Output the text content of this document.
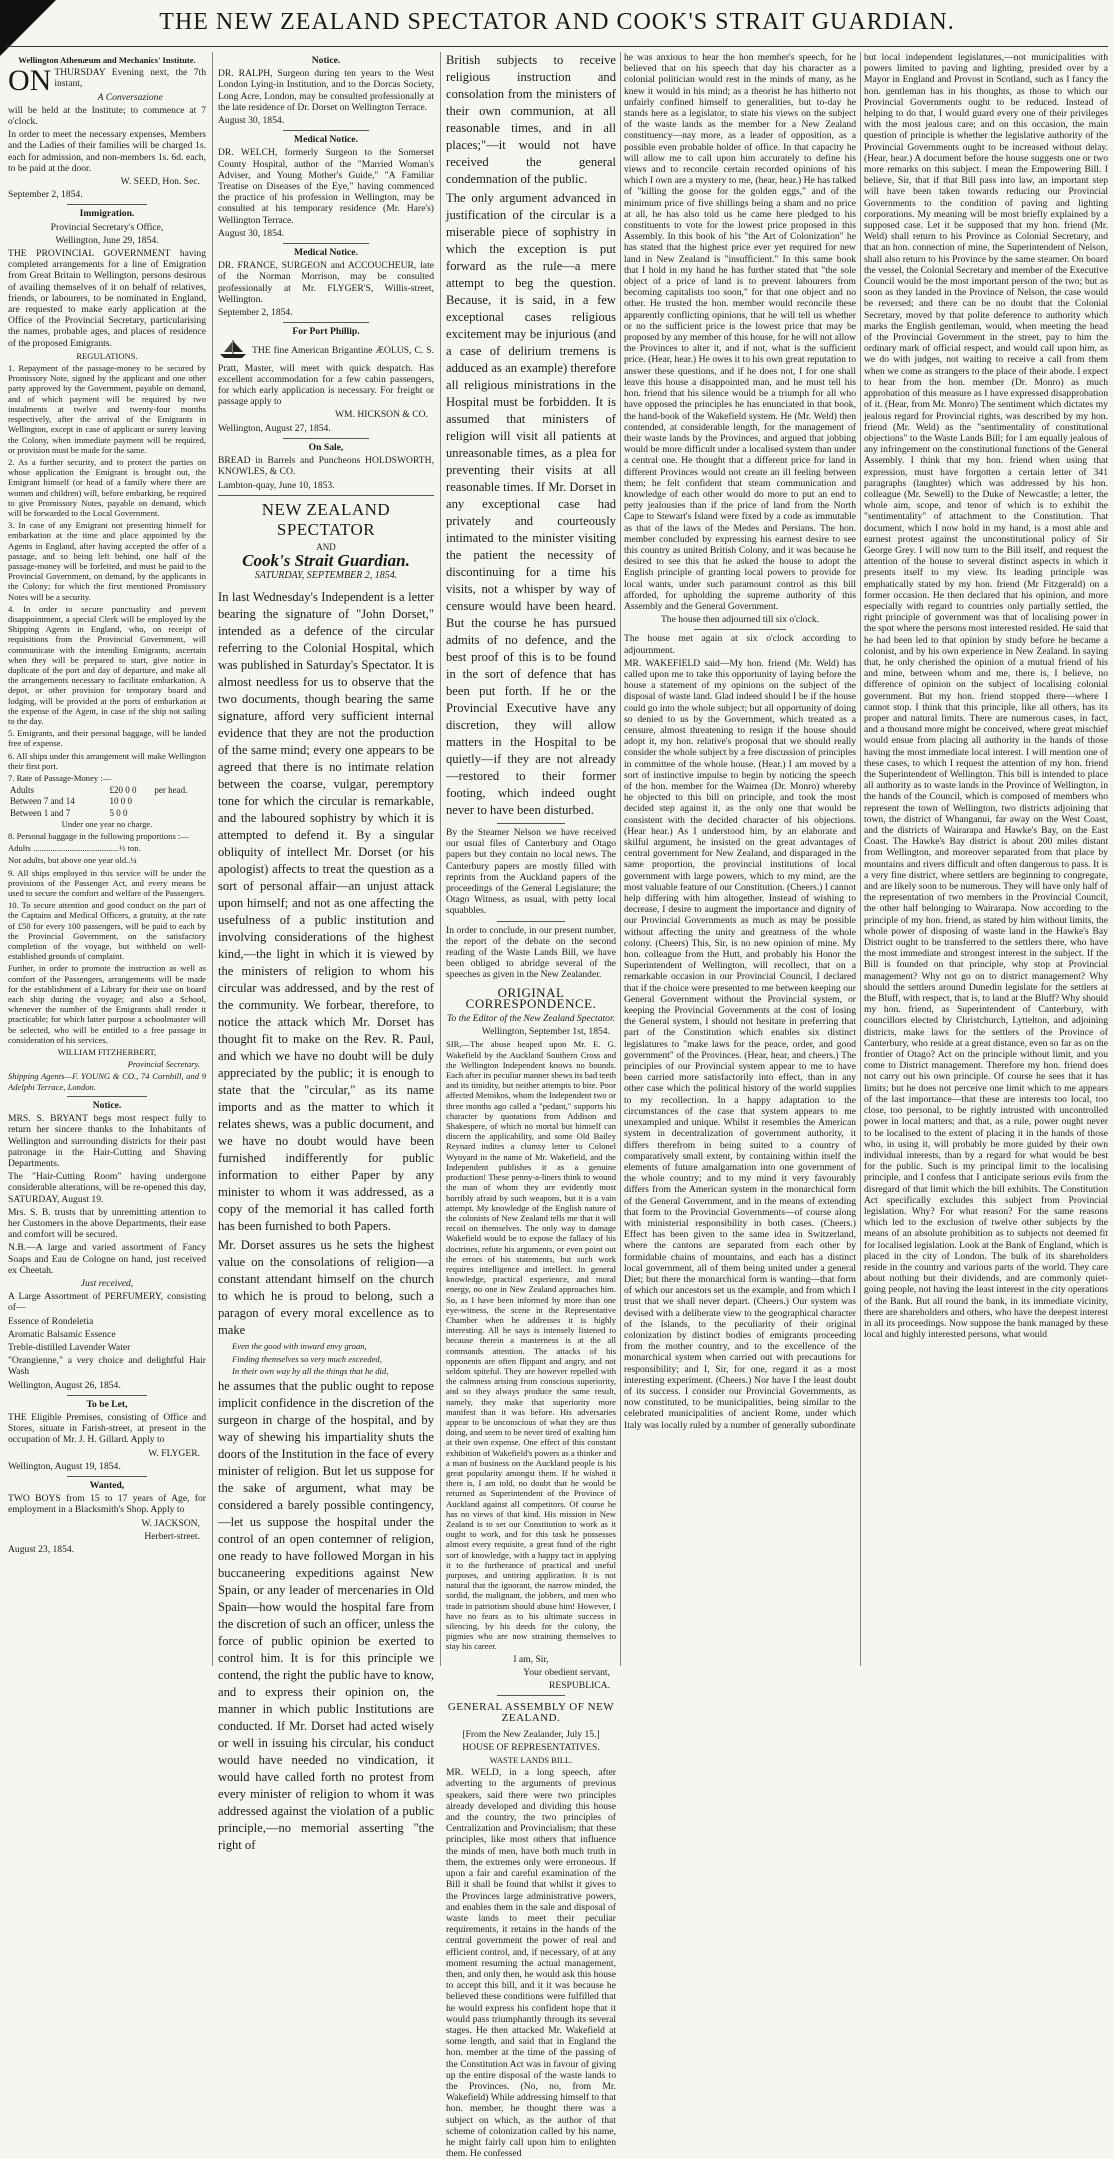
THE NEW ZEALAND SPECTATOR AND COOK'S STRAIT GUARDIAN.
Wellington Athenæum and Mechanics' Institute.

ON THURSDAY Evening next, the 7th instant,

A Conversazione

will be held at the Institute; to commence at 7 o'clock.

In order to meet the necessary expenses, Members and the Ladies of their families will be charged 1s. each for admission, and non-members 1s. 6d. each, to be paid at the door.

W. SEED, Hon. Sec.

September 2, 1854.

Immigration.

Provincial Secretary's Office,

Wellington, June 29, 1854.

THE PROVINCIAL GOVERNMENT having completed arrangements for a line of Emigration from Great Britain to Wellington, persons desirous of availing themselves of it on behalf of relatives, friends, or labourers, to be nominated in England, are requested to make early application at the Office of the Provincial Secretary, particularising the names, probable ages, and places of residence of the proposed Emigrants.

REGULATIONS.

1. Repayment of the passage-money to be secured by Promissory Note, signed by the applicant and one other party approved by the Government, payable on demand, and of which payment will be required by two instalments at twelve and twenty-four months respectively, after the arrival of the Emigrants in Wellington, except in case of applicant or surety leaving the Colony, when immediate payment will be required, or provision must be made for the same.

2. As a further security, and to protect the parties on whose application the Emigrant is brought out, the Emigrant himself (or head of a family where there are women and children) will, before embarking, be required to give Promissory Notes, payable on demand, which will be forwarded to the Local Government.

3. In case of any Emigrant not presenting himself for embarkation at the time and place appointed by the Agents in England, after having accepted the offer of a passage, and so being left behind, one half of the passage-money will be forfeited, and must be paid to the Provincial Government, on demand, by the applicants in the Colony; for which the first mentioned Promissory Notes will be a security.

4. In order to secure punctuality and prevent disappointment, a special Clerk will be employed by the Shipping Agents in England, who, on receipt of requisitions from the Provincial Government, will communicate with the intending Emigrants, ascertain when they will be prepared to start, give notice in duplicate of the port and day of departure, and make all the arrangements necessary to facilitate embarkation. A depot, or other provision for temporary board and lodging, will be provided at the ports of embarkation at the expense of the Agent, in case of the ship not sailing to the day.

5. Emigrants, and their personal baggage, will be landed free of expense.

6. All ships under this arrangement will make Wellington their first port.

7. Rate of Passage-Money :—

Adults	£20 0 0	per head.
Between 7 and 14	10 0 0	
Between 1 and 7	5 0 0	

Under one year no charge.

8. Personal baggage in the following proportions :—

Adults ........................................½ ton.

Not adults, but above one year old..¼

9. All ships employed in this service will be under the provisions of the Passenger Act, and every means be used to secure the comfort and welfare of the Passengers.

10. To secure attention and good conduct on the part of the Captains and Medical Officers, a gratuity, at the rate of £50 for every 100 passengers, will be paid to each by the Provincial Government, on the satisfactory completion of the voyage, but withheld on well-established grounds of complaint.

Further, in order to promote the instruction as well as comfort of the Passengers, arrangements will be made for the establishment of a Library for their use on board each ship during the voyage; and also a School, whenever the number of the Emigrants shall render it practicable; for which latter purpose a schoolmaster will be selected, who will be entitled to a free passage in consideration of his services.

WILLIAM FITZHERBERT,

Provincial Secretary.

Shipping Agents—F. YOUNG & CO., 74 Cornhill, and 9 Adelphi Terrace, London.

Notice.

MRS. S. BRYANT begs most respect fully to return her sincere thanks to the Inhabitants of Wellington and surrounding districts for their past patronage in the Hair-Cutting and Shaving Departments.

The "Hair-Cutting Room" having undergone considerable alterations, will be re-opened this day, SATURDAY, August 19.

Mrs. S. B. trusts that by unremitting attention to her Customers in the above Departments, their ease and comfort will be secured.

N.B.—A large and varied assortment of Fancy Soaps and Eau de Cologne on hand, just received ex Cheetah.

Just received,

A Large Assortment of PERFUMERY, consisting of—

Essence of Rondeletia

Aromatic Balsamic Essence

Treble-distilled Lavender Water

"Orangienne," a very choice and delightful Hair Wash

Wellington, August 26, 1854.

To be Let,

THE Eligible Premises, consisting of Office and Stores, situate in Farish-street, at present in the occupation of Mr. J. H. Gillard. Apply to

W. FLYGER.

Wellington, August 19, 1854.

Wanted,

TWO BOYS from 15 to 17 years of Age, for employment in a Blacksmith's Shop. Apply to

W. JACKSON,

Herbert-street.

August 23, 1854.

Notice.

DR. RALPH, Surgeon during ten years to the West London Lying-in Institution, and to the Dorcas Society, Long Acre, London, may be consulted professionally at the late residence of Dr. Dorset on Wellington Terrace.

August 30, 1854.

Medical Notice.

DR. WELCH, formerly Surgeon to the Somerset County Hospital, author of the "Married Woman's Adviser, and Young Mother's Guide," "A Familiar Treatise on Diseases of the Eye," having commenced the practice of his profession in Wellington, may be consulted at his temporary residence (Mr. Hare's) Wellington Terrace.

August 30, 1854.

Medical Notice.

DR. FRANCE, SURGEON and ACCOUCHEUR, late of the Norman Morrison, may be consulted professionally at Mr. FLYGER'S, Willis-street, Wellington.

September 2, 1854.

For Port Phillip.

THE fine American Brigantine ÆOLUS, C. S. Pratt, Master, will meet with quick despatch. Has excellent accommodation for a few cabin passengers, for which early application is necessary. For freight or passage apply to

WM. HICKSON & CO.

Wellington, August 27, 1854.

On Sale,

BREAD in Barrels and Puncheons HOLDSWORTH, KNOWLES, & CO.

Lambton-quay, June 10, 1853.

NEW ZEALAND SPECTATOR
AND
Cook's Strait Guardian.
SATURDAY, SEPTEMBER 2, 1854.

In last Wednesday's Independent is a letter bearing the signature of "John Dorset," intended as a defence of the circular referring to the Colonial Hospital, which was published in Saturday's Spectator. It is almost needless for us to observe that the two documents, though bearing the same signature, afford very sufficient internal evidence that they are not the production of the same mind; every one appears to be agreed that there is no intimate relation between the coarse, vulgar, peremptory tone for which the circular is remarkable, and the laboured sophistry by which it is attempted to defend it. By a singular obliquity of intellect Mr. Dorset (or his apologist) affects to treat the question as a sort of personal affair—an unjust attack upon himself; and not as one affecting the usefulness of a public institution and involving considerations of the highest kind,—the light in which it is viewed by the ministers of religion to whom his circular was addressed, and by the rest of the community. We forbear, therefore, to notice the attack which Mr. Dorset has thought fit to make on the Rev. R. Paul, and which we have no doubt will be duly appreciated by the public; it is enough to state that the "circular," as its name imports and as the matter to which it relates shews, was a public document, and we have no doubt would have been furnished indifferently for public information to either Paper by any minister to whom it was addressed, as a copy of the memorial it has called forth has been furnished to both Papers.

Mr. Dorset assures us he sets the highest value on the consolations of religion—a constant attendant himself on the church to which he is proud to belong, such a paragon of every moral excellence as to make

Even the good with inward envy groan,

Finding themselves so very much exceeded,

In their own way by all the things that he did,

he assumes that the public ought to repose implicit confidence in the discretion of the surgeon in charge of the hospital, and by way of shewing his impartiality shuts the doors of the Institution in the face of every minister of religion. But let us suppose for the sake of argument, what may be considered a barely possible contingency,—let us suppose the hospital under the control of an open contemner of religion, one ready to have followed Morgan in his buccaneering expeditions against New Spain, or any leader of mercenaries in Old Spain—how would the hospital fare from the discretion of such an officer, unless the force of public opinion be exerted to control him. It is for this principle we contend, the right the public have to know, and to express their opinion on, the manner in which public Institutions are conducted. If Mr. Dorset had acted wisely or well in issuing his circular, his conduct would have needed no vindication, it would have called forth no protest from every minister of religion to whom it was addressed against the violation of a public principle,—no memorial asserting "the right of

British subjects to receive religious instruction and consolation from the ministers of their own communion, at all reasonable times, and in all places;"—it would not have received the general condemnation of the public.

The only argument advanced in justification of the circular is a miserable piece of sophistry in which the exception is put forward as the rule—a mere attempt to beg the question. Because, it is said, in a few exceptional cases religious excitement may be injurious (and a case of delirium tremens is adduced as an example) therefore all religious ministrations in the Hospital must be forbidden. It is assumed that ministers of religion will visit all patients at unreasonable times, as a plea for preventing their visits at all reasonable times. If Mr. Dorset in any exceptional case had privately and courteously intimated to the minister visiting the patient the necessity of discontinuing for a time his visits, not a whisper by way of censure would have been heard. But the course he has pursued admits of no defence, and the best proof of this is to be found in the sort of defence that has been put forth. If he or the Provincial Executive have any discretion, they will allow matters in the Hospital to be quietly—if they are not already—restored to their former footing, which indeed ought never to have been disturbed.

By the Steamer Nelson we have received our usual files of Canterbury and Otago papers but they contain no local news. The Canterbury papers are mostly filled with reprints from the Auckland papers of the proceedings of the General Legislature; the Otago Witness, as usual, with petty local squabbles.

In order to conclude, in our present number, the report of the debate on the second reading of the Waste Lands Bill, we have been obliged to abridge several of the speeches as given in the New Zealander.

ORIGINAL CORRESPONDENCE.

To the Editor of the New Zealand Spectator.

Wellington, September 1st, 1854.

SIR,—The abuse heaped upon Mr. E. G. Wakefield by the Auckland Southern Cross and the Wellington Independent knows no bounds. Each after its peculiar manner shews its bad teeth and its timidity, but neither attempts to bite. Poor affected Metoikos, whom the Independent two or three months ago called a "pedant," supports his character by quotations from Addison and Shakespere, of which no mortal but himself can discern the applicability, and some Old Bailey Reynard indites a clumsy letter to Colonel Wynyard in the name of Mr. Wakefield, and the Independent publishes it as a genuine production! These penny-a-liners think to wound the man of whom they are evidently most horribly afraid by such weapons, but it is a vain attempt. My knowledge of the English nature of the colonists of New Zealand tells me that it will recoil on themselves. The only way to damage Wakefield would be to expose the fallacy of his doctrines, refute his arguments, or even point out the errors of his statements, but such work requires intelligence and intellect. In general knowledge, practical experience, and moral energy, no one in New Zealand approaches him. So, as I have been informed by more than one eye-witness, the scene in the Representative Chamber when he addresses it is highly interesting. All he says is intensely listened to because therein a masterness is at the all commands attention. The attacks of his opponents are often flippant and angry, and not seldom spiteful. They are however repelled with the calmness arising from conscious superiority, and so they always produce the same result, namely, they make that superiority more manifest than it was before. His adversaries appear to be unconscious of what they are thus doing, and seem to be never tired of exalting him at their own expense. One effect of this constant exhibition of Wakefield's powers as a thinker and a man of business on the Auckland people is his great popularity amongst them. If he wished it there is, I am told, no doubt that he would be returned as Superintendent of the Province of Auckland against all competitors. Of course he has no views of that kind. His mission in New Zealand is to set our Constitution to work as it ought to work, and for this task he possesses almost every requisite, a great fund of the right sort of knowledge, with a happy tact in applying it to the furtherance of practical and useful purposes, and untiring application. It is not natural that the ignorant, the narrow minded, the sordid, the malignant, the jobbers, and men who trade in patriotism should abuse him! However, I have no fears as to his ultimate success in silencing, by his deeds for the colony, the pigmies who are now straining themselves to stay his career.

I am, Sir,

Your obedient servant,

RESPUBLICA.

GENERAL ASSEMBLY OF NEW ZEALAND.

[From the New Zealander, July 15.]

HOUSE OF REPRESENTATIVES.

WASTE LANDS BILL.

MR. WELD, in a long speech, after adverting to the arguments of previous speakers, said there were two principles already developed and dividing this house and the country, the two principles of Centralization and Provincialism; that these principles, like most others that influence the minds of men, have both much truth in them, the extremes only were erroneous. If upon a fair and careful examination of the Bill it shall be found that whilst it gives to the Provinces large administrative powers, and enables them in the sale and disposal of waste lands to meet their peculiar requirements, it retains in the hands of the central government the power of real and efficient control, and, if necessary, of at any moment resuming the actual management, then, and only then, he would ask this house to accept this bill, and it it was because he believed these conditions were fulfilled that he would express his confident hope that it would pass triumphantly through its several stages. He then attacked Mr. Wakefield at some length, and said that in England the hon. member at the time of the passing of the Constitution Act was in favour of giving up the entire disposal of the waste lands to the Provinces. (No, no, from Mr. Wakefield) While addressing himself to that hon. member, he thought there was a subject on which, as the author of that scheme of colonization called by his name, he might fairly call upon him to enlighten them. He confessed

he was anxious to hear the hon member's speech, for he believed that on his speech that day his character as a colonial politician would rest in the minds of many, as he knew it would in his mind; as a theorist he has hitherto not unfairly confined himself to generalities, but to-day he stands here as a legislator, to state his views on the subject of the waste lands as the member for a New Zealand constituency—nay more, as a leader of opposition, as a possible even probable holder of office. In that capacity he will allow me to call upon him accurately to define his views and to reconcile certain recorded opinions of his which I own are a mystery to me, (hear, hear.) He has talked of "killing the goose for the golden eggs," and of the minimum price of five shillings being a sham and no price at all, he has also told us he came here pledged to his constituents to vote for the lowest price proposed in this Assembly. In this book of his "the Art of Colonization" he has stated that the highest price ever yet required for new land in New Zealand is "insufficient." In this same book that I hold in my hand he has further stated that "the sole object of a price of land is to prevent labourers from becoming capitalists too soon," for that one object and no other. He trusted the hon. member would reconcile these apparently conflicting opinions, that he will tell us whether or no the sufficient price is the lowest price that may be proposed by any member of this house, for he will not allow the Provinces to alter it, and if not, what is the sufficient price. (Hear, hear.) He owes it to his own great reputation to answer these questions, and if he does not, I for one shall leave this house a disappointed man, and he must tell his hon. friend that his silence would be a triumph for all who have opposed the principles he has enunciated in that book, the hand-book of the Wakefield system. He (Mr. Weld) then contended, at considerable length, for the management of their waste lands by the Provinces, and argued that jobbing would be more difficult under a localised system than under a central one. He thought that a different price for land in different Provinces would not create an ill feeling between them; he felt confident that steam communication and knowledge of each other would do more to put an end to petty jealousies than if the price of land from the North Cape to Stewart's Island were fixed by a code as immutable as that of the laws of the Medes and Persians. The hon. member concluded by expressing his earnest desire to see this country as united British Colony, and it was because he desired to see this that he asked the house to adopt the English principle of granting local powers to provide for local wants, under such paramount control as this bill afforded, for upholding the supreme authority of this Assembly and the General Government.

The house then adjourned till six o'clock.

The house met again at six o'clock according to adjournment.

MR. WAKEFIELD said—My hon. friend (Mr. Weld) has called upon me to take this opportunity of laying before the house a statement of my opinions on the subject of the disposal of waste land. Glad indeed should I be if the house could go into the whole subject; but all opportunity of doing so denied to us by the Government, which treated as a censure, almost threatening to resign if the house should adopt it, my hon. relative's proposal that we should really consider the whole subject by a free discussion of principles in committee of the whole house. (Hear.) I am moved by a sort of instinctive impulse to begin by noticing the speech of the hon. member for the Waimea (Dr. Monro) whereby he objected to this bill on principle, and took the most decided step against it, as the only one that would be consistent with the decided character of his objections. (Hear hear.) As I understood him, by an elaborate and skilful argument, he insisted on the great advantages of central government for New Zealand, and disparaged in the same proportion, the provincial institutions of local government with large powers, which to my mind, are the most valuable feature of our Constitution. (Cheers.) I cannot help differing with him altogether. Instead of wishing to decrease, I desire to augment the importance and dignity of our Provincial Governments as much as may be possible without affecting the unity and greatness of the whole colony. (Cheers) This, Sir, is no new opinion of mine. My hon. colleague from the Hutt, and probably his Honor the Superintendent of Wellington, will recollect, that on a remarkable occasion in our Provincial Council, I declared that if the choice were presented to me between keeping our General Government without the Provincial system, or keeping the Provincial Governments at the cost of losing the General system, I should not hesitate in preferring that part of the Constitution which enables six distinct legislatures to "make laws for the peace, order, and good government" of the Provinces. (Hear, hear, and cheers.) The principles of our Provincial system appear to me to have been carried more satisfactorily into effect, than in any other case which the political history of the world supplies to my recollection. In a happy adaptation to the circumstances of the case that system appears to me unexampled and unique. Whilst it resembles the American system in decentralization of government authority, it differs therefrom in being suited to a country of comparatively small extent, by containing within itself the elements of future amalgamation into one government of the whole country; and to my mind it very favourably differs from the American system in the monarchical form of the General Government, and in the means of extending that form to the Provincial Governments—of course along with ministerial responsibility in both cases. (Cheers.) Effect has been given to the same idea in Switzerland, where the cantons are separated from each other by formidable chains of mountains, and each has a distinct local government, all of them being united under a general Diet; but there the monarchical form is wanting—that form of which our ancestors set us the example, and from which I trust that we shall never depart. (Cheers.) Our system was devised with a deliberate view to the geographical character of the Islands, to the peculiarity of their original colonization by distinct bodies of emigrants proceeding from the mother country, and to the excellence of the monarchical system when carried out with precautions for responsibility; and I, Sir, for one, regard it as a most interesting experiment. (Cheers.) Nor have I the least doubt of its success. I consider our Provincial Governments, as now constituted, to be municipalities, being similar to the celebrated municipalities of ancient Rome, under which Italy was locally ruled by a number of generally subordinate

but local independent legislatures,—not municipalities with powers limited to paving and lighting, presided over by a Mayor in England and Provost in Scotland, such as I fancy the hon. gentleman has in his thoughts, as those to which our Provincial Governments ought to be reduced. Instead of helping to do that, I would guard every one of their privileges with the most jealous care; and on this occasion, the main question of principle is whether the legislative authority of the Provincial Governments ought to be increased without delay. (Hear, hear.) A document before the house suggests one or two more remarks on this subject. I mean the Empowering Bill. I believe, Sir, that if that Bill pass into law, an important step will have been taken towards reducing our Provincial Governments to the condition of paving and lighting corporations. My meaning will be most briefly explained by a supposed case. Let it be supposed that my hon. friend (Mr. Weld) shall return to his Province as Colonial Secretary, and that an hon. connection of mine, the Superintendent of Nelson, shall also return to his Province by the same steamer. On board the vessel, the Colonial Secretary and member of the Executive Council would be the most important person of the two; but as soon as they landed in the Province of Nelson, the case would be reversed; and there can be no doubt that the Colonial Secretary, moved by that polite deference to authority which marks the English gentleman, would, when meeting the head of the Provincial Government in the street, pay to him the ordinary mark of official respect, and would call upon him, as we do with judges, not waiting to receive a call from them when we come as strangers to the place of their abode. I expect to hear from the hon. member (Dr. Monro) as much approbation of this measure as I have expressed disapprobation of it. (Hear, from Mr. Monro) The sentiment which dictates my jealous regard for Provincial rights, was described by my hon. friend (Mr. Weld) as the "sentimentality of constitutional objections" to the Waste Lands Bill; for I am equally jealous of any infringement on the constitutional functions of the General Assembly. I think that my hon. friend when using that expression, must have forgotten a certain letter of 341 paragraphs (laughter) which was addressed by his hon. colleague (Mr. Sewell) to the Duke of Newcastle; a letter, the whole aim, scope, and tenor of which is to exhibit the "sentimentality" of attachment to the Constitution. That document, which I now hold in my hand, is a most able and earnest protest against the unconstitutional policy of Sir George Grey. I will now turn to the Bill itself, and request the attention of the house to several distinct aspects in which it presents itself to my view. Its leading principle was emphatically stated by my hon. friend (Mr Fitzgerald) on a former occasion. He then declared that his opinion, and more especially with regard to countries only partially settled, the right principle of government was that of localising power in the spot where the persons most interested resided. He said that he had been led to that opinion by study before he became a colonist, and by his own experience in New Zealand. In saying that, he only cherished the opinion of a mutual friend of his and mine, between whom and me, there is, I believe, no difference of opinion on the subject of localising colonial government. But my hon. friend stopped there—where I cannot stop. I think that this principle, like all others, has its proper and natural limits. There are numerous cases, in fact, and a thousand more might be conceived, where great mischief would ensue from placing all authority in the hands of those having the most immediate local interest. I will mention one of these cases, to which I request the attention of my hon. friend the Superintendent of Wellington. This bill is intended to place all authority as to waste lands in the Province of Wellington, in the hands of the Council, which is composed of members who represent the town of Wellington, two districts adjoining that town, the district of Whanganui, far away on the West Coast, and the districts of Wairarapa and Hawke's Bay, on the East Coast. The Hawke's Bay district is about 200 miles distant from Wellington, and moreover separated from that place by mountains and rivers difficult and often dangerous to pass. It is a very fine district, where settlers are beginning to congregate, and are likely soon to be numerous. They will have only half of the representation of two members in the Provincial Council, the other half belonging to Wairarapa. Now according to the principle of my hon. friend, as stated by him without limits, the whole power of disposing of waste land in the Hawke's Bay District ought to be transferred to the settlers there, who have the most immediate and strongest interest in the subject. If the Bill is founded on that principle, why stop at Provincial management? Why not go on to district management? Why should the settlers around Dunedin legislate for the settlers at the Bluff, with respect, that is, to land at the Bluff? Why should my hon. friend, as Superintendent of Canterbury, with councillors elected by Christchurch, Lyttelton, and adjoining districts, make laws for the settlers of the Province of Canterbury, who reside at a great distance, even so far as on the frontier of Otago? Act on the principle without limit, and you come to District management. Therefore my hon. friend does not carry out his own principle. Of course he sees that it has limits; but he does not perceive one limit which to me appears of the last importance—that these are interests too local, too close, too personal, to be rightly intrusted with uncontrolled power in local matters; and that, as a rule, power ought never to be localised to the extent of placing it in the hands of those who, in using it, will probably be more guided by their own individual interests, than by a regard for what would be best for the public. Such is my principal limit to the localising principle, and I confess that I anticipate serious evils from the disregard of that limit which the bill exhibits. The Constitution Act specifically excludes this subject from Provincial legislation. Why? For what reason? For the same reasons which led to the exclusion of twelve other subjects by the means of an absolute prohibition as to subjects not deemed fit for localised legislation. Look at the Bank of England, which is placed in the city of London. The bulk of its shareholders reside in the country and various parts of the world. They care about nothing but their dividends, and are commonly quiet-going people, not having the least interest in the city operations of the Bank. But all round the bank, in its immediate vicinity, there are shareholders and others, who have the deepest interest in all its proceedings. Now suppose the bank managed by these local and highly interested persons, what would
